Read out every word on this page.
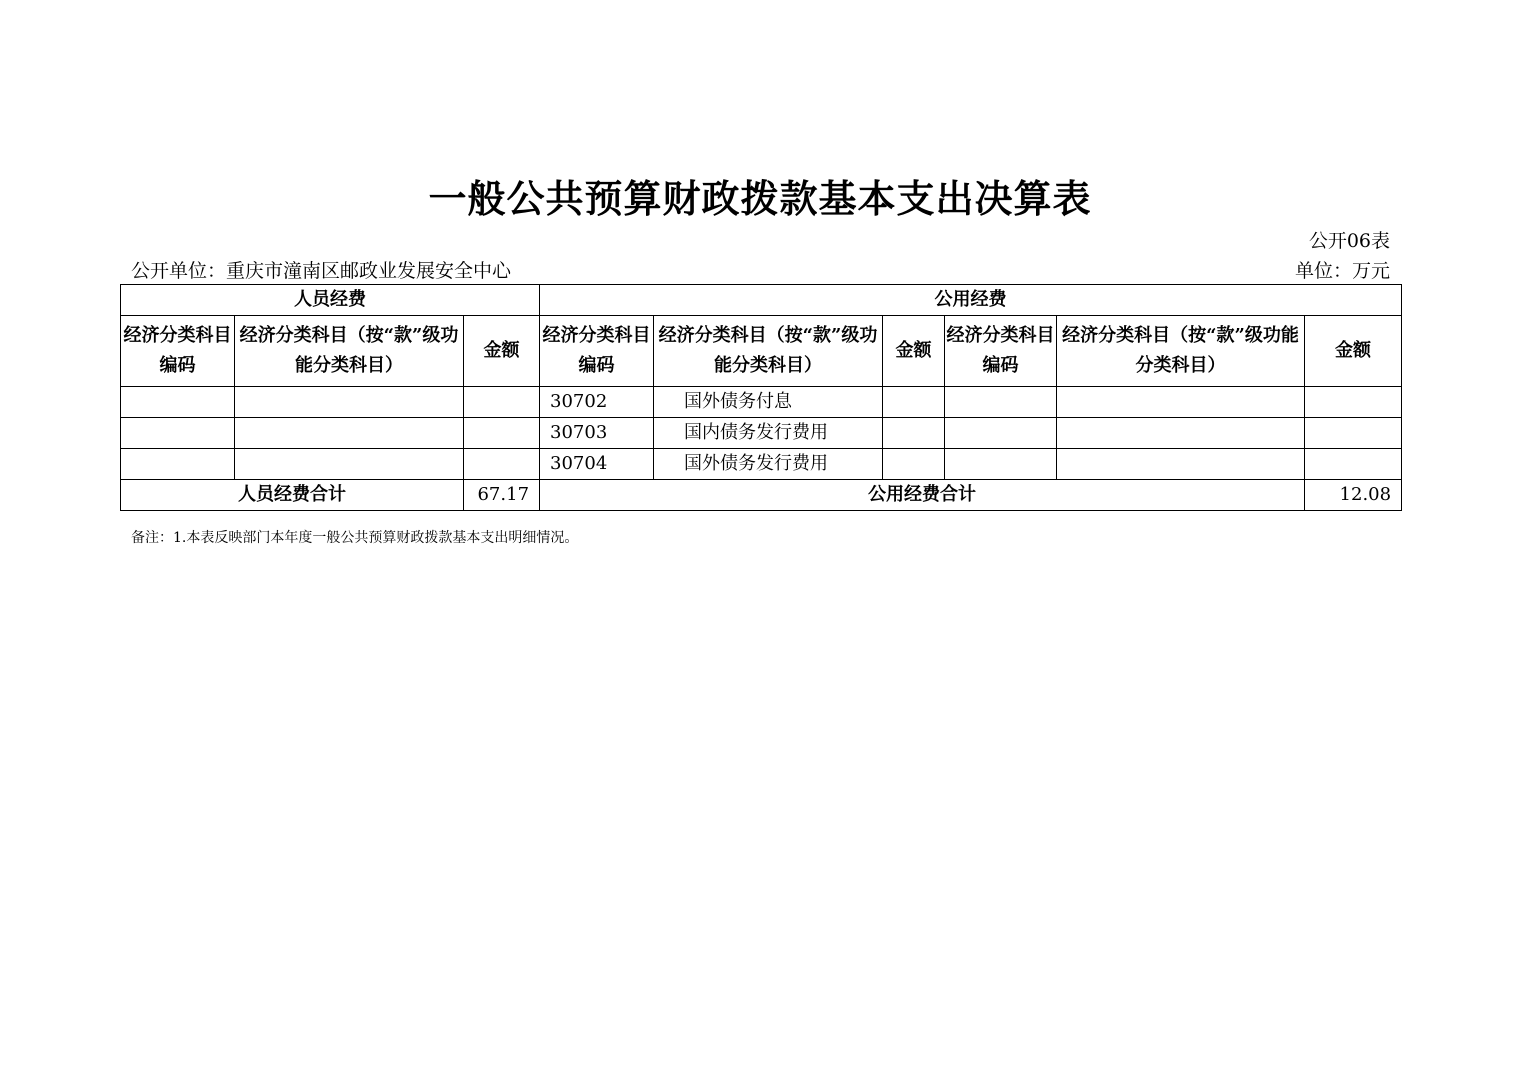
一般公共预算财政拨款基本支出决算表
公开06表
公开单位：重庆市潼南区邮政业发展安全中心	单位：万元
人员经费			公用经费					
经济分类科目编码	经济分类科目（按“款”级功能分类科目）	金额	经济分类科目编码	经济分类科目（按“款”级功能分类科目）	金额	经济分类科目编码	经济分类科目（按“款”级功能分类科目）	金额
			30702	国外债务付息				
			30703	国内债务发行费用				
			30704	国外债务发行费用				
人员经费合计		67.17	公用经费合计					12.08
备注：1.本表反映部门本年度一般公共预算财政拨款基本支出明细情况。
